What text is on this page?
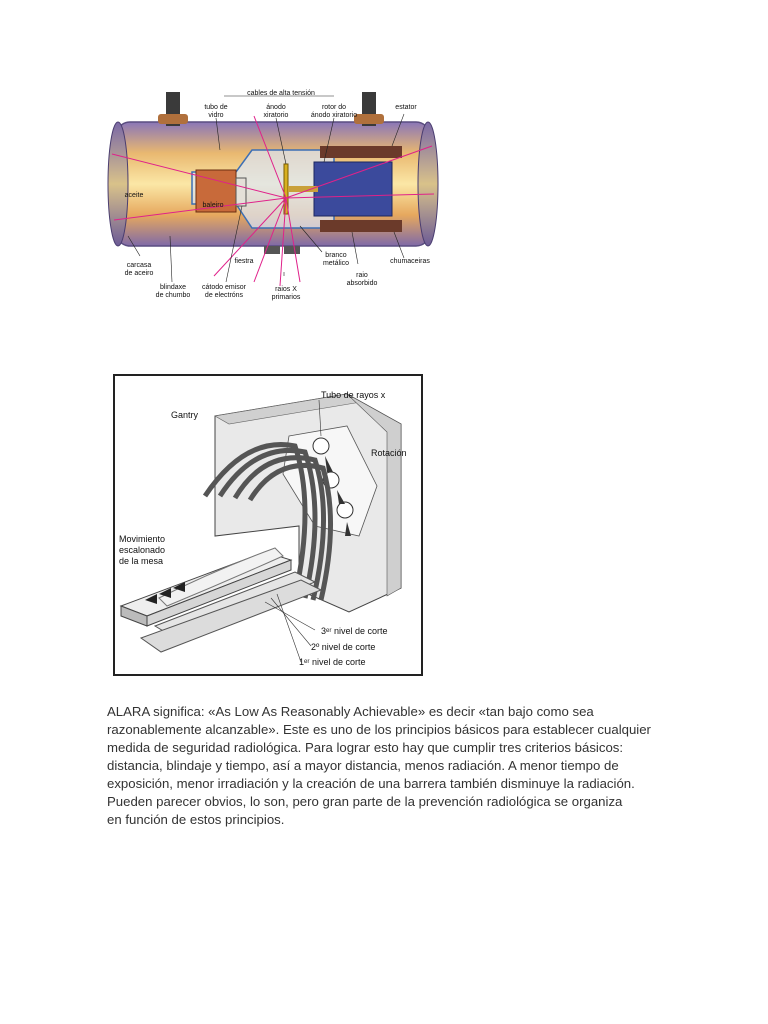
cables de alta tensión
tubo de
vidro
ánodo
xiratorio
rotor do
ánodo xiratorio
estator
aceite
baleiro
fiestra
carcasa
de aceiro
blindaxe
de chumbo
cátodo emisor
de electróns
raios X
primarios
branco
metálico
raio
absorbido
chumaceiras
Gantry
Tubo de rayos x
Rotación
Movimiento
escalonado
de la mesa
3ᵉʳ nivel de corte
2º nivel de corte
1ᵉʳ nivel de corte
ALARA significa: «As Low As Reasonably Achievable» es decir «tan bajo como sea
razonablemente alcanzable». Este es uno de los principios básicos para establecer cualquier
medida de seguridad radiológica. Para lograr esto hay que cumplir tres criterios básicos:
distancia, blindaje y tiempo, así a mayor distancia, menos radiación. A menor tiempo de
exposición, menor irradiación y la creación de una barrera también disminuye la radiación.
Pueden parecer obvios, lo son, pero gran parte de la prevención radiológica se organiza
en función de estos principios.
